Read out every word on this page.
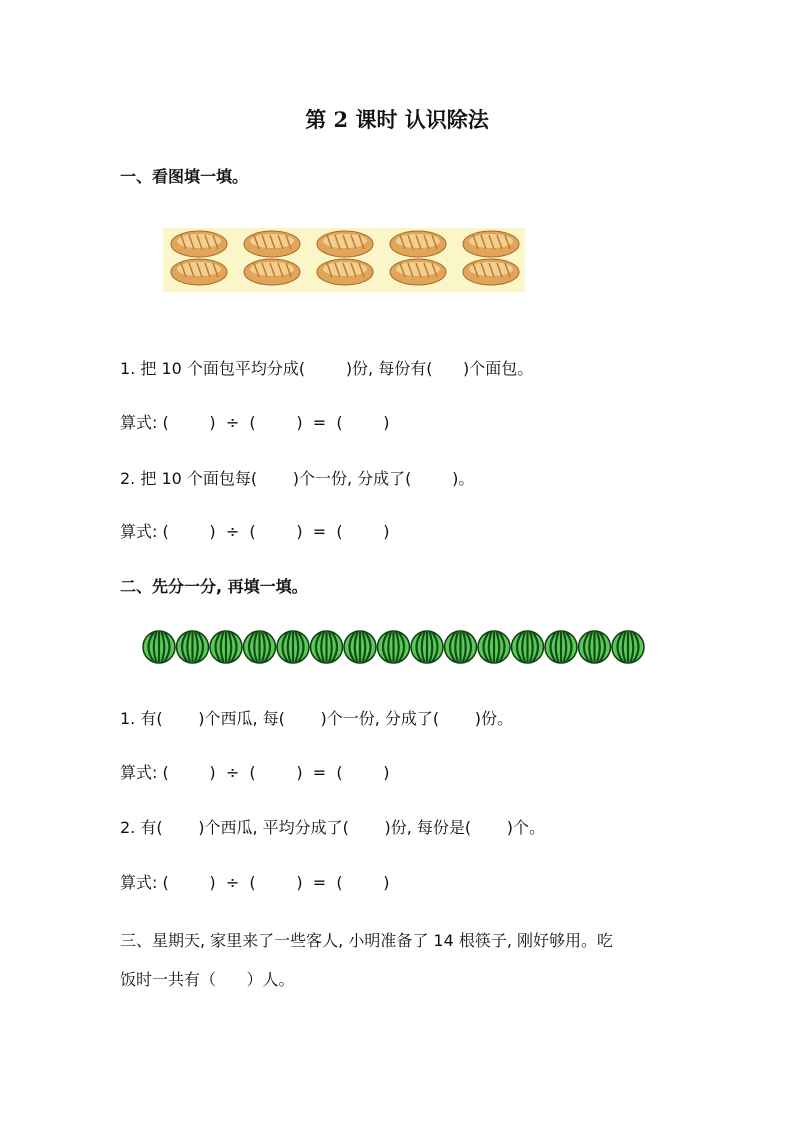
第 2 课时 认识除法
一、看图填一填。
1. 把 10 个面包平均分成(        )份, 每份有(      )个面包。
算式: (        )  ÷  (        )  =  (        )
2. 把 10 个面包每(       )个一份, 分成了(        )。
算式: (        )  ÷  (        )  =  (        )
二、先分一分, 再填一填。
1. 有(       )个西瓜, 每(       )个一份, 分成了(       )份。
算式: (        )  ÷  (        )  =  (        )
2. 有(       )个西瓜, 平均分成了(       )份, 每份是(       )个。
算式: (        )  ÷  (        )  =  (        )
三、星期天, 家里来了一些客人, 小明准备了 14 根筷子, 刚好够用。吃
饭时一共有（      ）人。
